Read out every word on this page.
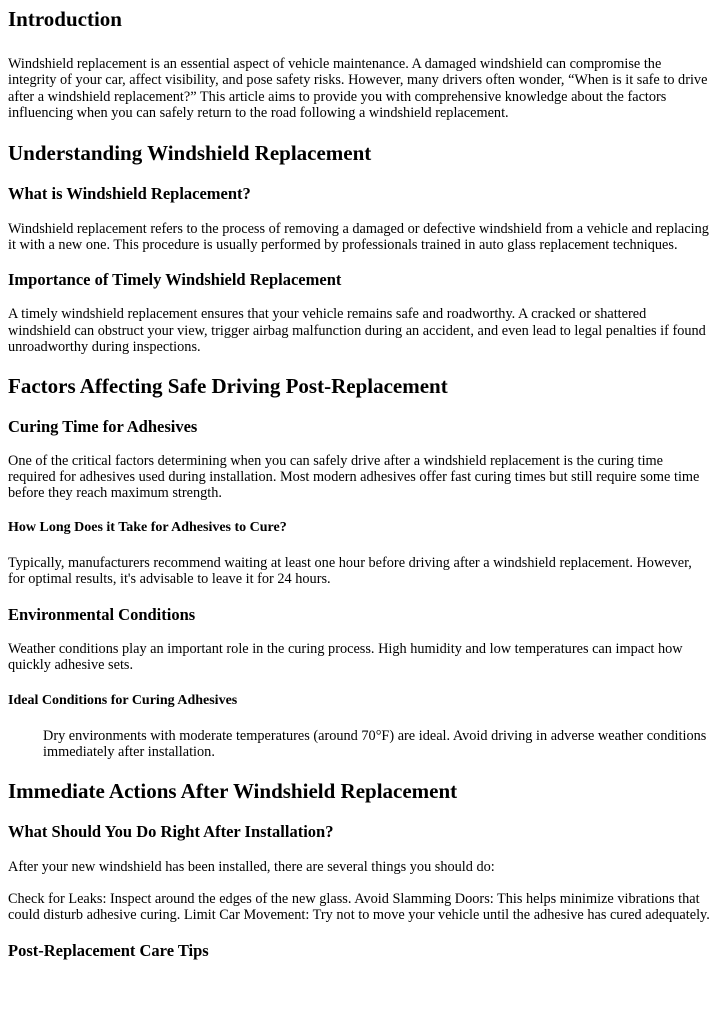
Introduction

Windshield replacement is an essential aspect of vehicle maintenance. A damaged windshield can compromise the integrity of your car, affect visibility, and pose safety risks. However, many drivers often wonder, “When is it safe to drive after a windshield replacement?” This article aims to provide you with comprehensive knowledge about the factors influencing when you can safely return to the road following a windshield replacement.

Understanding Windshield Replacement
What is Windshield Replacement?

Windshield replacement refers to the process of removing a damaged or defective windshield from a vehicle and replacing it with a new one. This procedure is usually performed by professionals trained in auto glass replacement techniques.

Importance of Timely Windshield Replacement

A timely windshield replacement ensures that your vehicle remains safe and roadworthy. A cracked or shattered windshield can obstruct your view, trigger airbag malfunction during an accident, and even lead to legal penalties if found unroadworthy during inspections.

Factors Affecting Safe Driving Post-Replacement
Curing Time for Adhesives

One of the critical factors determining when you can safely drive after a windshield replacement is the curing time required for adhesives used during installation. Most modern adhesives offer fast curing times but still require some time before they reach maximum strength.

How Long Does it Take for Adhesives to Cure?

Typically, manufacturers recommend waiting at least one hour before driving after a windshield replacement. However, for optimal results, it's advisable to leave it for 24 hours.

Environmental Conditions

Weather conditions play an important role in the curing process. High humidity and low temperatures can impact how quickly adhesive sets.

Ideal Conditions for Curing Adhesives
Dry environments with moderate temperatures (around 70°F) are ideal. Avoid driving in adverse weather conditions immediately after installation.
Immediate Actions After Windshield Replacement
What Should You Do Right After Installation?

After your new windshield has been installed, there are several things you should do:

Check for Leaks: Inspect around the edges of the new glass. Avoid Slamming Doors: This helps minimize vibrations that could disturb adhesive curing. Limit Car Movement: Try not to move your vehicle until the adhesive has cured adequately.

Post-Replacement Care Tips
